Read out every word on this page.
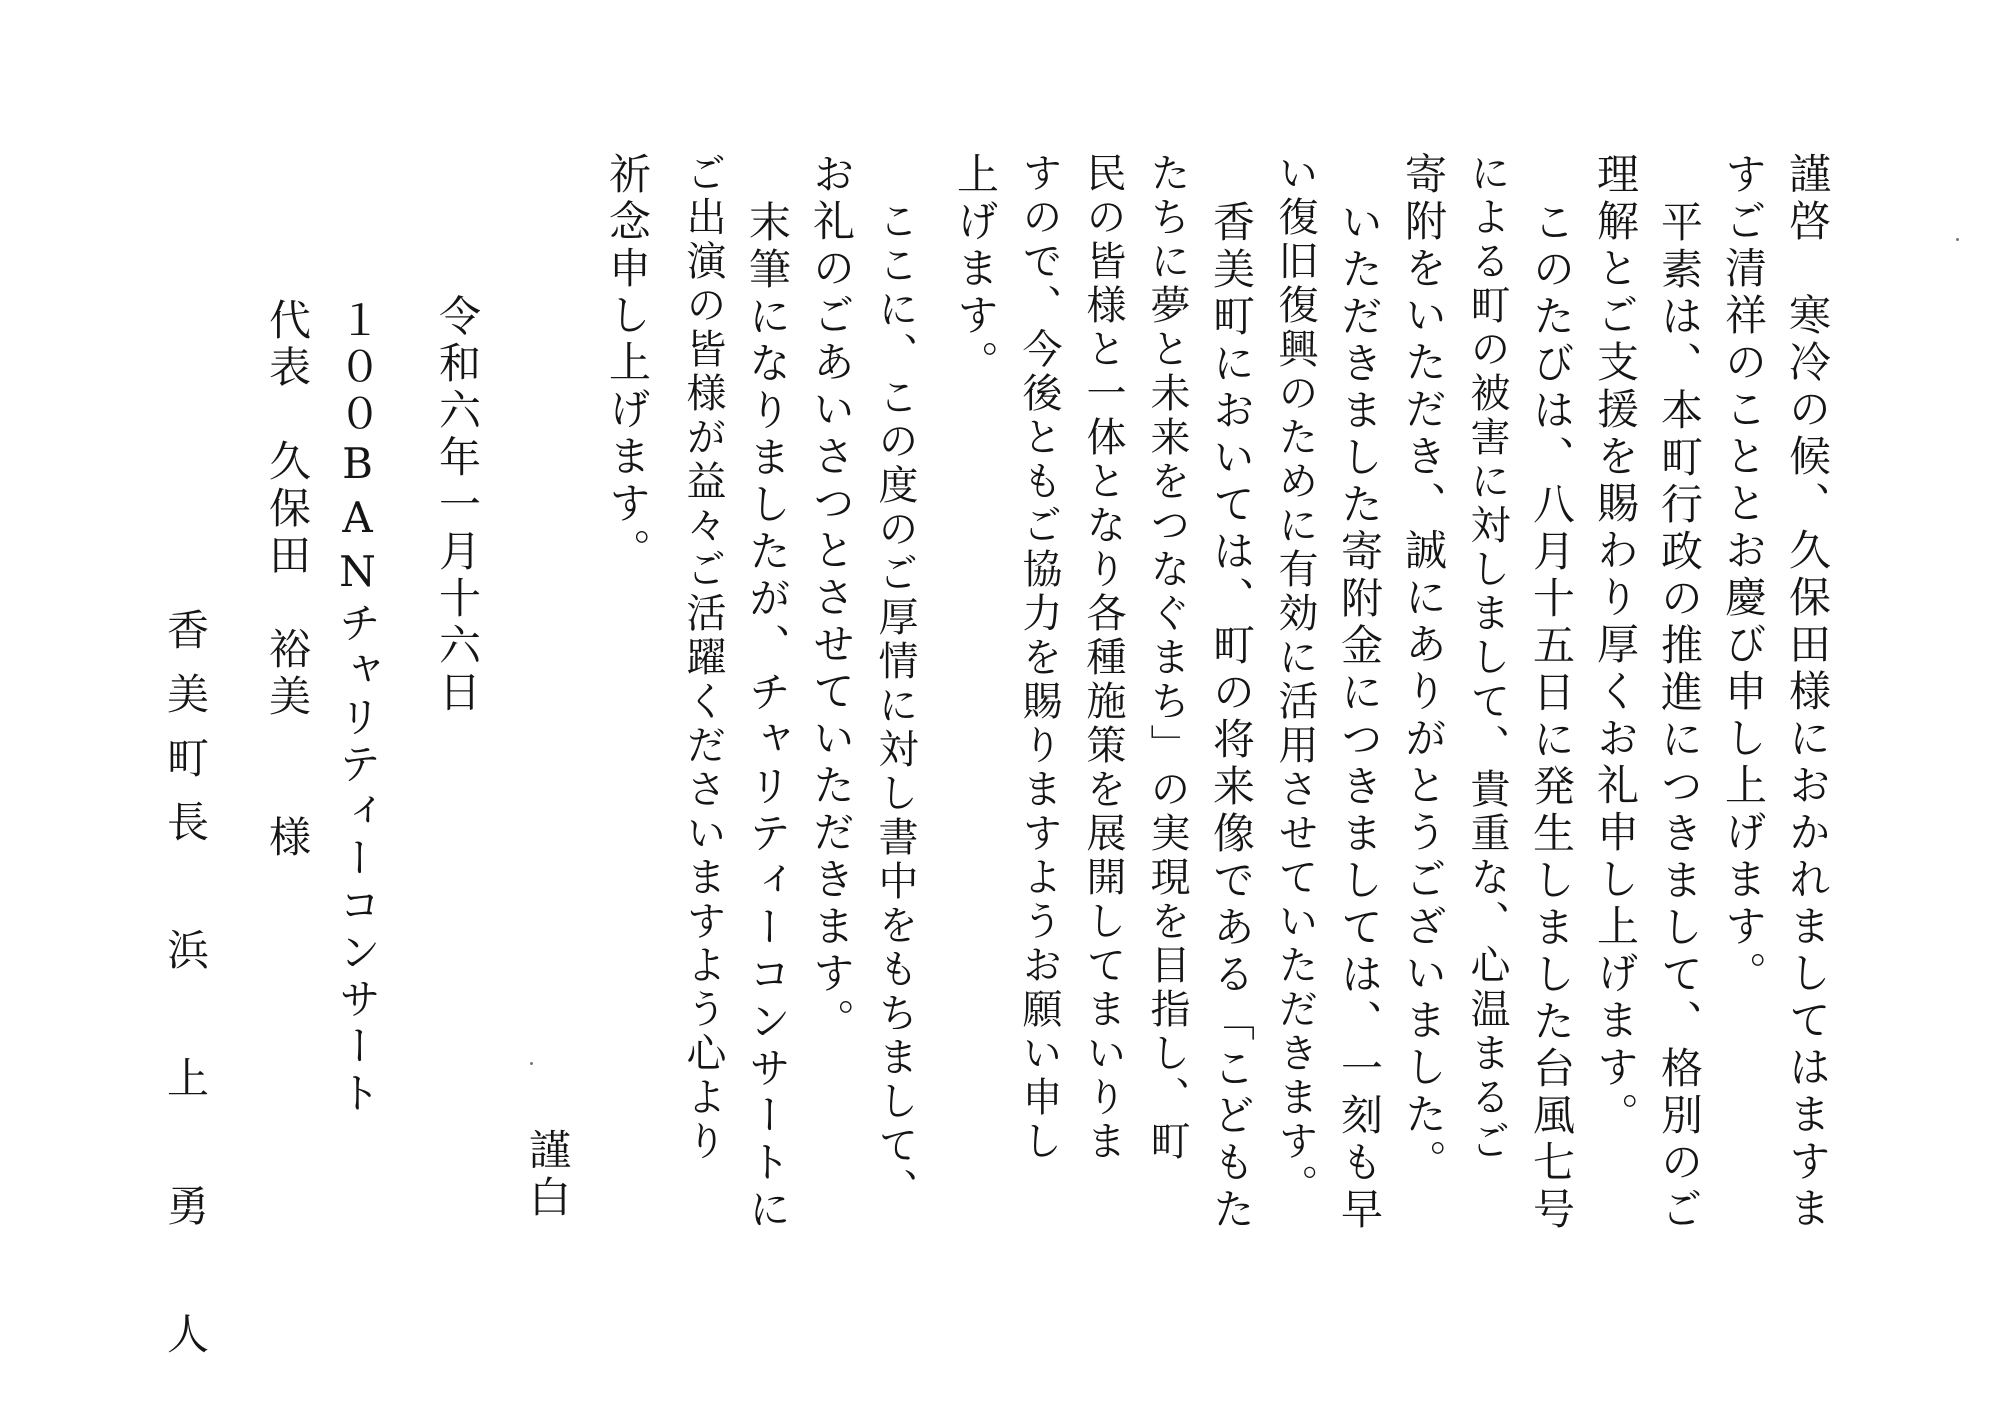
謹啓　寒冷の候、久保田様におかれましてはますま
すご清祥のこととお慶び申し上げます。
平素は、本町行政の推進につきまして、格別のご
理解とご支援を賜わり厚くお礼申し上げます。
このたびは、八月十五日に発生しました台風七号
による町の被害に対しまして、貴重な、心温まるご
寄附をいただき、誠にありがとうございました。
いただきました寄附金につきましては、一刻も早
い復旧復興のために有効に活用させていただきます。
香美町においては、町の将来像である「こどもた
たちに夢と未来をつなぐまち」の実現を目指し、町
民の皆様と一体となり各種施策を展開してまいりま
すので、今後ともご協力を賜りますようお願い申し
上げます。
ここに、この度のご厚情に対し書中をもちまして、
お礼のごあいさつとさせていただきます。
末筆になりましたが、チャリティーコンサートに
ご出演の皆様が益々ご活躍くださいますよう心より
祈念申し上げます。
謹白
令和六年一月十六日
１００BANチャリティーコンサート
代表　久保田　裕美　　様
香美町長　浜　上　勇　人
